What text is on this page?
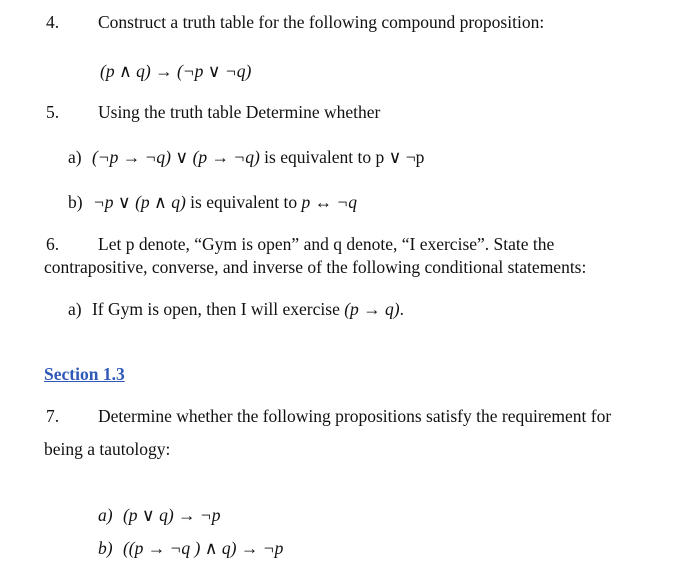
4. Construct a truth table for the following compound proposition:
(p ∧ q) → (¬p ∨ ¬q)
5. Using the truth table Determine whether
a) (¬p → ¬q) ∨ (p → ¬q) is equivalent to p ∨ ¬p
b) ¬p ∨ (p ∧ q) is equivalent to p ↔ ¬q
6. Let p denote, “Gym is open” and q denote, “I exercise”. State the
contrapositive, converse, and inverse of the following conditional statements:
a) If Gym is open, then I will exercise (p → q).
Section 1.3
7. Determine whether the following propositions satisfy the requirement for
being a tautology:
a) (p ∨ q) → ¬p
b) ((p → ¬q ) ∧ q) → ¬p
